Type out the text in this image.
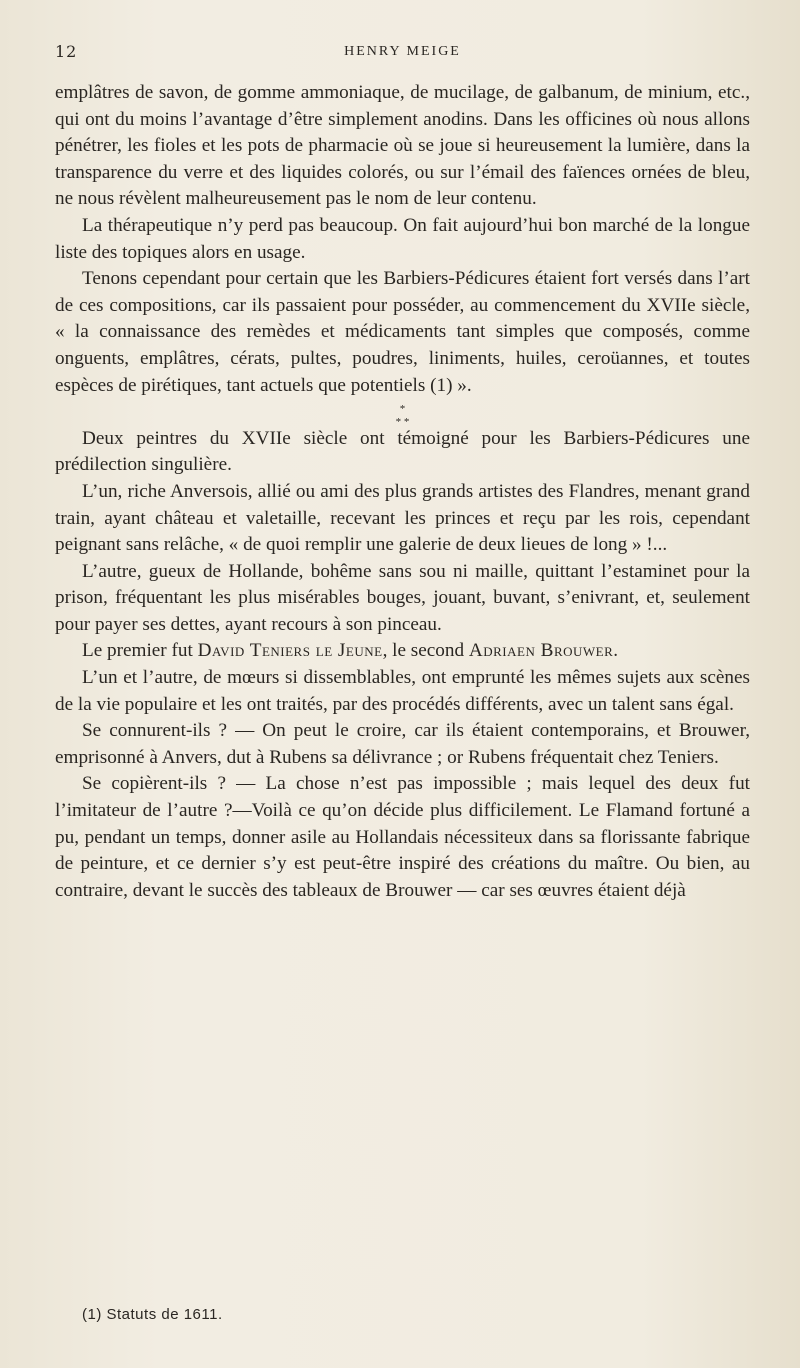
12	HENRY MEIGE

emplâtres de savon, de gomme ammoniaque, de mucilage, de galbanum, de minium, etc., qui ont du moins l’avantage d’être simplement anodins. Dans les officines où nous allons pénétrer, les fioles et les pots de pharmacie où se joue si heureusement la lumière, dans la transparence du verre et des liquides colorés, ou sur l’émail des faïences ornées de bleu, ne nous révèlent malheureusement pas le nom de leur contenu.

La thérapeutique n’y perd pas beaucoup. On fait aujourd’hui bon marché de la longue liste des topiques alors en usage.

Tenons cependant pour certain que les Barbiers-Pédicures étaient fort versés dans l’art de ces compositions, car ils passaient pour posséder, au commencement du XVIIe siècle, « la connaissance des remèdes et médicaments tant simples que composés, comme onguents, emplâtres, cérats, pultes, poudres, liniments, huiles, ceroüannes, et toutes espèces de pirétiques, tant actuels que potentiels (1) ».

*
* *

Deux peintres du XVIIe siècle ont témoigné pour les Barbiers-Pédicures une prédilection singulière.

L’un, riche Anversois, allié ou ami des plus grands artistes des Flandres, menant grand train, ayant château et valetaille, recevant les princes et reçu par les rois, cependant peignant sans relâche, « de quoi remplir une galerie de deux lieues de long » !...

L’autre, gueux de Hollande, bohême sans sou ni maille, quittant l’estaminet pour la prison, fréquentant les plus misérables bouges, jouant, buvant, s’enivrant, et, seulement pour payer ses dettes, ayant recours à son pinceau.

Le premier fut David Teniers le Jeune, le second Adriaen Brouwer.

L’un et l’autre, de mœurs si dissemblables, ont emprunté les mêmes sujets aux scènes de la vie populaire et les ont traités, par des procédés différents, avec un talent sans égal.

Se connurent-ils ? — On peut le croire, car ils étaient contemporains, et Brouwer, emprisonné à Anvers, dut à Rubens sa délivrance ; or Rubens fréquentait chez Teniers.

Se copièrent-ils ? — La chose n’est pas impossible ; mais lequel des deux fut l’imitateur de l’autre ?—Voilà ce qu’on décide plus difficilement. Le Flamand fortuné a pu, pendant un temps, donner asile au Hollandais nécessiteux dans sa florissante fabrique de peinture, et ce dernier s’y est peut-être inspiré des créations du maître. Ou bien, au contraire, devant le succès des tableaux de Brouwer — car ses œuvres étaient déjà

(1) Statuts de 1611.
